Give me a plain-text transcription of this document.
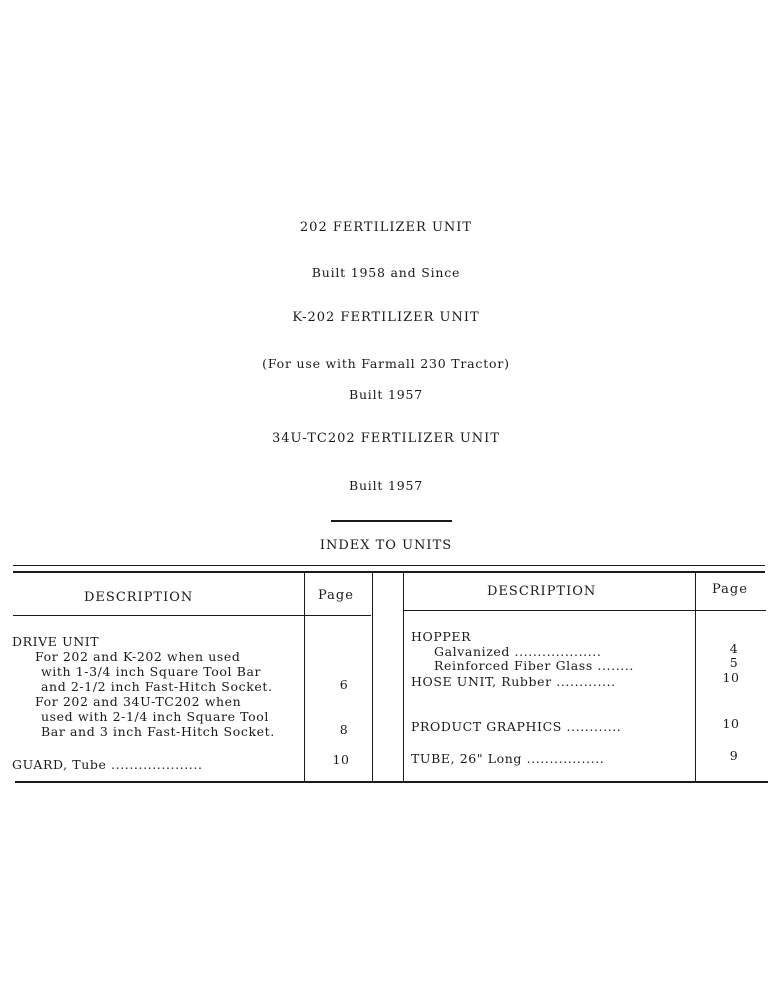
202 FERTILIZER UNIT
Built 1958 and Since
K-202 FERTILIZER UNIT
(For use with Farmall 230 Tractor)
Built 1957
34U-TC202 FERTILIZER UNIT
Built 1957
INDEX TO UNITS
DESCRIPTION	Page	DESCRIPTION	Page
DRIVE UNIT
For 202 and K-202 when used
with 1-3/4 inch Square Tool Bar
and 2-1/2 inch Fast-Hitch Socket.	6
For 202 and 34U-TC202 when
used with 2-1/4 inch Square Tool
Bar and 3 inch Fast-Hitch Socket.	8
GUARD, Tube ....................	10
HOPPER
Galvanized ...................	4
Reinforced Fiber Glass ........	5
HOSE UNIT, Rubber .............	10
PRODUCT GRAPHICS ............	10
TUBE, 26" Long .................	9
